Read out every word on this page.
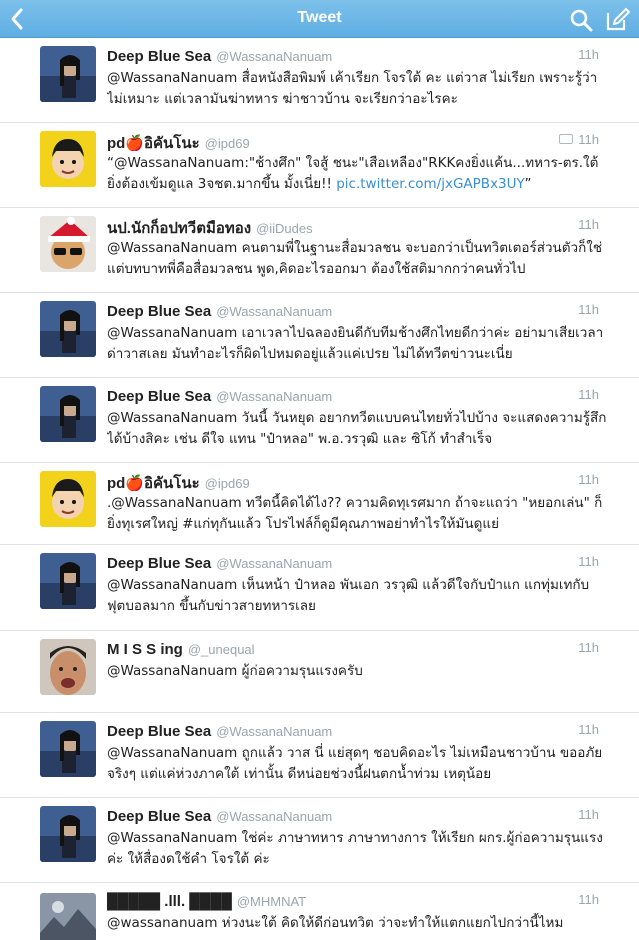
Tweet
Deep Blue Sea @WassanaNanuam	11h
@WassanaNanuam สื่อหนังสือพิมพ์ เค้าเรียก โจรใต้ คะ แต่วาส ไม่เรียก เพราะรู้ว่าไม่เหมาะ แต่เวลามันฆ่าทหาร ฆ่าชาวบ้าน จะเรียกว่าอะไรคะ
pd🍎อิคันโนะ @ipd69	11h
“@WassanaNanuam:"ช้างศึก" ใจสู้ ชนะ"เสือเหลือง"RKKคงยิ่งแค้น...ทหาร-ตร.ใต้ ยิ่งต้องเข้มดูแล 3จชต.มากขึ้น มั้งเนี่ย!! pic.twitter.com/jxGAPBx3UY”
นป.นักก็อปทวีตมือทอง @iiDudes	11h
@WassanaNanuam คนตามพี่ในฐานะสื่อมวลชน จะบอกว่าเป็นทวิตเตอร์ส่วนตัวก็ใช่ แต่บทบาทพี่คือสื่อมวลชน พูด,คิดอะไรออกมา ต้องใช้สติมากกว่าคนทั่วไป
Deep Blue Sea @WassanaNanuam	11h
@WassanaNanuam เอาเวลาไปฉลองยินดีกับทีมช้างศึกไทยดีกว่าค่ะ อย่ามาเสียเวลาด่าวาสเลย มันทำอะไรก็ผิดไปหมดอยู่แล้วแค่เปรย ไม่ได้ทวีตข่าวนะเนี่ย
Deep Blue Sea @WassanaNanuam	11h
@WassanaNanuam วันนี้ วันหยุด อยากทวีตแบบคนไทยทั่วไปบ้าง จะแสดงความรู้สึกได้บ้างสิคะ เช่น ดีใจ แทน "ป๋าหลอ" พ.อ.วรวุฒิ และ ซิโก้ ทำสำเร็จ
pd🍎อิคันโนะ @ipd69	11h
.@WassanaNanuam ทวีตนี้คิดได้ไง?? ความคิดทุเรศมาก ถ้าจะแถว่า "หยอกเล่น" ก็ยิ่งทุเรศใหญ่ #แก่ทุกันแล้ว โปรไฟล์ก็ดูมีคุณภาพอย่าทำไรให้มันดูแย่
Deep Blue Sea @WassanaNanuam	11h
@WassanaNanuam เห็นหน้า ป๋าหลอ พันเอก วรวุฒิ แล้วดีใจกับป๋าแก แกทุ่มเทกับฟุตบอลมาก ขึ้นกับข่าวสายทหารเลย
M I S S ing @_unequal	11h
@WassanaNanuam ผู้ก่อความรุนแรงครับ
Deep Blue Sea @WassanaNanuam	11h
@WassanaNanuam ถูกแล้ว วาส นี่ แย่สุดๆ ชอบคิดอะไร ไม่เหมือนชาวบ้าน ขออภัยจริงๆ แต่แค่ห่วงภาคใต้ เท่านั้น ดีหน่อยช่วงนี้ฝนตกน้ำท่วม เหตุน้อย
Deep Blue Sea @WassanaNanuam	11h
@WassanaNanuam ใช่ค่ะ ภาษาทหาร ภาษาทางการ ให้เรียก ผกร.ผู้ก่อความรุนแรงค่ะ ให้สื่องดใช้คำ โจรใต้ ค่ะ
█████ .lll. ████ @MHMNAT	11h
@wassananuam ห่วงนะใต้ คิดให้ดีก่อนทวิต ว่าจะทำให้แตกแยกไปกว่านี้ไหม
